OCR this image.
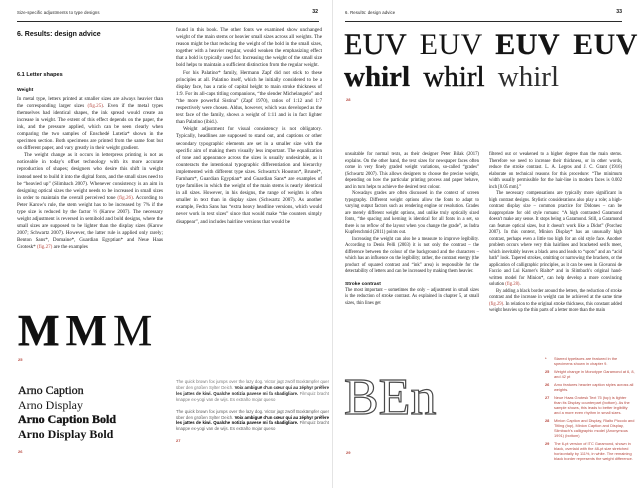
Size-specific adjustments to type designs	32
6. Results: design advice
6.1 Letter shapes
Weight

In metal type, letters printed at smaller sizes are always heavier than the corresponding larger sizes (fig.25). Even if the metal types themselves had identical shapes, the ink spread would create an increase in weight. The extent of this effect depends on the paper, the ink, and the pressure applied, which can be seen clearly when comparing the two samples of Enschedé Lutetia* shown in the specimen section. Both specimens are printed from the same font but on different paper, and vary greatly in their weight gradient.

The weight change as it occurs in letterpress printing is not as noticeable in today's offset technology with its more accurate reproduction of shapes; designers who desire this shift in weight instead need to build it into the digital fonts, and the small sizes need to be “heavied up” (Slimbach 2007). Whenever consistency is an aim in designing optical sizes the weight needs to be increased in small sizes in order to maintain the overall perceived tone (fig.26). According to Peter Karow's rule, the stem weight has to be increased by 7% if the type size is reduced by the factor ½ (Karow 2007). The necessary weight adjustment is reversed in semibold and bold designs, where the small sizes are supposed to be lighter than the display sizes (Karow 2007; Schwartz 2007). However, the latter rule is applied only rarely; Benton Sans*, Domaine*, Guardian Egyptian* and Neue Haas Grotesk* (fig.27) are the examples

found in this book. The other fonts we examined show unchanged weight of the main stems or heavier small sizes across all weights. The reason might be that reducing the weight of the bold in the small sizes, together with a heavier regular, would weaken the emphasizing effect that a bold is typically used for. Increasing the weight of the small size bold helps to maintain a sufficient distinction from the regular weight.

For his Palatino* family, Hermann Zapf did not stick to these principles at all. Palatino itself, which he initially considered to be a display face, has a ratio of capital height to main stroke thickness of 1:9. For its all-caps titling companions, “the slender Michelangelo” and “the more powerful Sistina” (Zapf 1970), ratios of 1:12 and 1:7 respectively were chosen. Aldus, however, which was developed as the text face of the family, shows a weight of 1:11 and is in fact lighter than Palatino (ibid.).

Weight adjustment for visual consistency is not obligatory. Typically, headlines are supposed to stand out, and captions or other secondary typographic elements are set in a smaller size with the specific aim of making them visually less important. The equalization of tone and appearance across the sizes is usually undesirable, as it counteracts the intentional typographic differentiation and hierarchy implemented with different type sizes. Schwartz's Houston*, Brunel*, Farnham*, Guardian Egyptian* and Guardian Sans* are examples of type families in which the weight of the main stems is nearly identical in all sizes. However, in his designs, the range of weights is often smaller in text than in display sizes (Schwartz 2007). As another example, Fedra Sans has “extra heavy headline versions, which would never work in text sizes” since that would make “the counters simply disappear”, and includes hairline versions that would be

MMM
25
Arno Caption
Arno Display
Arno Caption Bold
Arno Display Bold
26

The quick brown fox jumps over the lazy dog. Victor jagt zwölf Boxkämpfer quer über den großen Sylter Deich. Voix ambiguë d'un cœur qui au zéphyr préfère les jattes de kiwi. Qualche notizia pavese mi fa sbadigliare. Filmquiz bracht knappe ex-yogi van de wijs. Es extraño mojar queso

The quick brown fox jumps over the lazy dog. Victor jagt zwölf Boxkämpfer quer über den großen Sylter Deich. Voix ambiguë d'un cœur qui au zéphyr préfère les jattes de kiwi. Qualche notizia pavese mi fa sbadigliare. Filmquiz bracht knappe ex-yogi van de wijs. Es extraño mojar queso

27
6. Results: design advice	33
EUV EUV EUV EUV
whirl whirl whirl
28

unsuitable for normal texts, as their designer Peter Bilak (2017) explains. On the other hand, the text sizes for newspaper faces often come in very finely graded weight variations, so-called “grades” (Schwartz 2007). This allows designers to choose the precise weight, depending on how the particular printing process and paper behave, and in turn helps to achieve the desired text colour.

Nowadays grades are often discussed in the context of screen typography. Different weight options allow the fonts to adapt to varying output factors such as rendering engine or resolution. Grades are merely different weight options, and unlike truly optically sized fonts, “the spacing and kerning is identical for all fonts in a set, so there is no reflow of the layout when you change the grade”, as Indra Kupferschmid (2011) points out.

Increasing the weight can also be a measure to improve legibility. According to Denis Pelli (2003) it is not only the contrast – the difference between the colour of the background and the characters – which has an influence on the legibility; rather, the contrast energy (the product of squared contrast and “ink” area) is responsible for the detectability of letters and can be increased by making them heavier.

Stroke contrast

The most important – sometimes the only – adjustment in small sizes is the reduction of stroke contrast. As explained in chapter 5, at small sizes, thin lines get

filtered out or weakened to a higher degree than the main stems. Therefore we need to increase their thickness, or in other words, reduce the stroke contrast. L. A. Legros and J. C. Grant (1916) elaborate on technical reasons for this procedure: “The minimum width usually permissible for the hair-line in modern faces is 0.002 inch [0.05 mm].”

The necessary compensations are typically more significant in high contrast designs. Stylistic considerations also play a role; a high-contrast display size – common practice for Didones – can be inappropriate for old style romans: “A high contrasted Garamond doesn't make any sense. It stops being a Garamond. Still, a Garamond can feature optical sizes, but it doesn't work like a Didot” (Porchez 2007). In this context, Minion Display* has an unusually high contrast, perhaps even a little too high for an old style face. Another problem occurs where very thin hairlines and bracketed serifs meet, which inevitably leaves a black area and leads to “spots” and an “acid bath” look. Tapered strokes, omitting or narrowing the brackets, or the application of calligraphic principles, as it can be seen in Giovanni de Faccio and Lui Karner's Rialto* and in Slimbach's original hand-written model for Minion*, can help develop a more convincing solution (fig.28).

By adding a black border around the letters, the reduction of stroke contrast and the increase in weight can be achieved at the same time (fig.29). In relation to the original stroke thickness, this constant added weight heavies up the thin parts of a letter more than the main

BEn
29
*	Starred typefaces are featured in the specimens shown in chapter 9.
25	Weight change in Monotype Garamond at 6, 8, and 42 pt
26	Arno features heavier caption styles across all weights.
27	Neue Haas Grotesk Text 75 (top) is lighter than its Display counterpart (bottom). As the sample shows, this leads to better legibility and a more even rhythm in small sizes.
28	Minion Caption and Display, Rialto Piccolo and Titling (top), Minion Caption and Display, Slimbach's calligraphic model (Anonymous 1991) (bottom)
29	The 6-pt version of ITC Garamond, shown in black, overlaid with the 48-pt size stretched horizontally by 111%, in white. The remaining black border represents the weight difference.
